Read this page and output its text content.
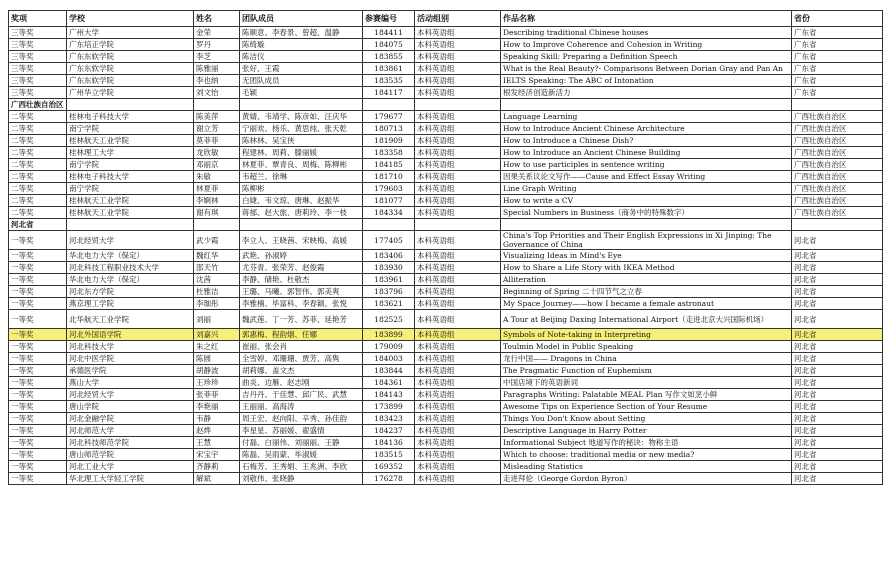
奖项	学校	姓名	团队成员	参赛编号	活动组别	作品名称	省份
三等奖	广州大学	金荣	陈顺意、李春景、曾超、温静	184411	本科英语组	Describing traditional Chinese houses	广东省
三等奖	广东培正学院	罗丹	陈绮璇	184075	本科英语组	How to Improve Coherence and Cohesion in Writing	广东省
三等奖	广东东软学院	李芝	陈洁仪	183855	本科英语组	Speaking Skill: Preparing a Definition Speech	广东省
三等奖	广东东软学院	陈雅丽	张好、王霞	183861	本科英语组	What is the Real Beauty?- Comparisons Between Dorian Gray and Pan An	广东省
三等奖	广东东软学院	李也纳	无团队成员	183535	本科英语组	IELTS Speaking: The ABC of Intonation	广东省
三等奖	广州华立学院	刘文怡	毛颖	184117	本科英语组	根发经济创造新活力	广东省
广西壮族自治区							
二等奖	桂林电子科技大学	陈美萍	黄婧、韦靖学、陈彦如、汪庆华	179677	本科英语组	Language Learning	广西壮族自治区
二等奖	南宁学院	谢立芳	宁丽欢、杨乐、黄思纯、张天乾	180713	本科英语组	How to Introduce Ancient Chinese Architecture	广西壮族自治区
二等奖	桂林航天工业学院	莫菲菲	陈林林、吴宝侠	181909	本科英语组	How to Introduce a Chinese Dish?	广西壮族自治区
二等奖	桂林理工大学	龙欣敏	程建林、周莉、滕丽媛	183358	本科英语组	How to Introduce an Ancient Chinese Building	广西壮族自治区
二等奖	南宁学院	邓丽京	林夏菲、覃青良、周梅、陈柳彬	184185	本科英语组	How to use participles in sentence writing	广西壮族自治区
二等奖	桂林电子科技大学	朱敏	韦超兰、徐琳	181710	本科英语组	因果关系议论文写作——Cause and Effect Essay Writing	广西壮族自治区
二等奖	南宁学院	林夏菲	陈柳彬	179603	本科英语组	Line Graph Writing	广西壮族自治区
二等奖	桂林航天工业学院	李婀林	白婕、韦文琼、唐琳、赵振华	181077	本科英语组	How to write a CV	广西壮族自治区
二等奖	桂林航天工业学院	谢有琪	蒋郁、赵大旅、唐莉玲、李一枝	184334	本科英语组	Special Numbers in Business（商务中的特殊数字）	广西壮族自治区
河北省							
一等奖	河北经贸大学	武少霞	李立人、王晓茜、宋映梅、高媛	177405	本科英语组	China's Top Priorities and Their English Expressions in Xi Jinping: The Governance of China	河北省
一等奖	华北电力大学（保定）	魏红华	武艳、孙淑婷	183406	本科英语组	Visualizing Ideas in Mind's Eye	河北省
一等奖	河北科技工程职业技术大学	邵天竹	尤芬青、张荣芳、赵俊霞	183930	本科英语组	How to Share a Life Story with IKEA Method	河北省
一等奖	华北电力大学（保定）	沈茜	李静、储艳、杜敬杰	183961	本科英语组	Alliteration	河北省
一等奖	河北东方学院	杜雅洁	王璐、马曦、郭智伟、郭美爽	183796	本科英语组	Beginning of Spring 二十四节气之立春	河北省
一等奖	燕京理工学院	李珈彤	李雅楠、毕富科、李春颖、张悦	183621	本科英语组	My Space Journey——how I became a female astronaut	河北省
一等奖	北华航天工业学院	刘丽	魏武莲、丁一芳、苏菲、延艳芳	182525	本科英语组	A Tour at Beijing Daxing International Airport（走进北京大兴国际机场）	河北省
一等奖	河北外国语学院	刘嘉兴	郭惠梅、程韵烟、任娜	183899	本科英语组	Symbols of Note-taking in Interpreting	河北省
一等奖	河北科技大学	朱之红	崔丽、张会肖	179009	本科英语组	Toulmin Model in Public Speaking	河北省
一等奖	河北中医学院	陈圆	全雪婷、邓珊珊、贾芳、高隽	184003	本科英语组	龙行中国—— Dragons in China	河北省
一等奖	承德医学院	胡静波	胡莉娜、盖文杰	183844	本科英语组	The Pragmatic Function of Euphemism	河北省
一等奖	燕山大学	王珍珍	曲炎、边雁、赵志刚	184361	本科英语组	中国店境下的英语新词	河北省
一等奖	河北经贸大学	张菲菲	吉丹丹、于佳慧、邱广民、武慧	184143	本科英语组	Paragraphs Writing: Palatable MEAL Plan 写作文如烹小鲜	河北省
一等奖	唐山学院	李艳丽	王丽丽、高海涛	173899	本科英语组	Awesome Tips on Experience Section of Your Resume	河北省
一等奖	河北金融学院	韦静	周王宏、赵向阳、辛秀、孙佳韵	183423	本科英语组	Things You Don't Know about Setting	河北省
一等奖	河北师范大学	赵烨	李星星、苏丽媛、翟盛情	184237	本科英语组	Descriptive Language in Harry Potter	河北省
一等奖	河北科技师范学院	王慧	付磊、白丽伟、刘丽丽、王静	184136	本科英语组	Informational Subject 地道写作的秘诀：物称主语	河北省
一等奖	唐山师范学院	宋宝宇	陈磊、吴雨蒙、毕淑媛	183515	本科英语组	Which to choose: traditional media or new media?	河北省
一等奖	河北工业大学	齐静莉	石梅芳、王秀娟、王兆洲、李欣	169352	本科英语组	Misleading Statistics	河北省
一等奖	华北理工大学轻工学院	解斌	刘敬伟、张晓静	176278	本科英语组	走进拜伦（George Gordon Byron）	河北省
